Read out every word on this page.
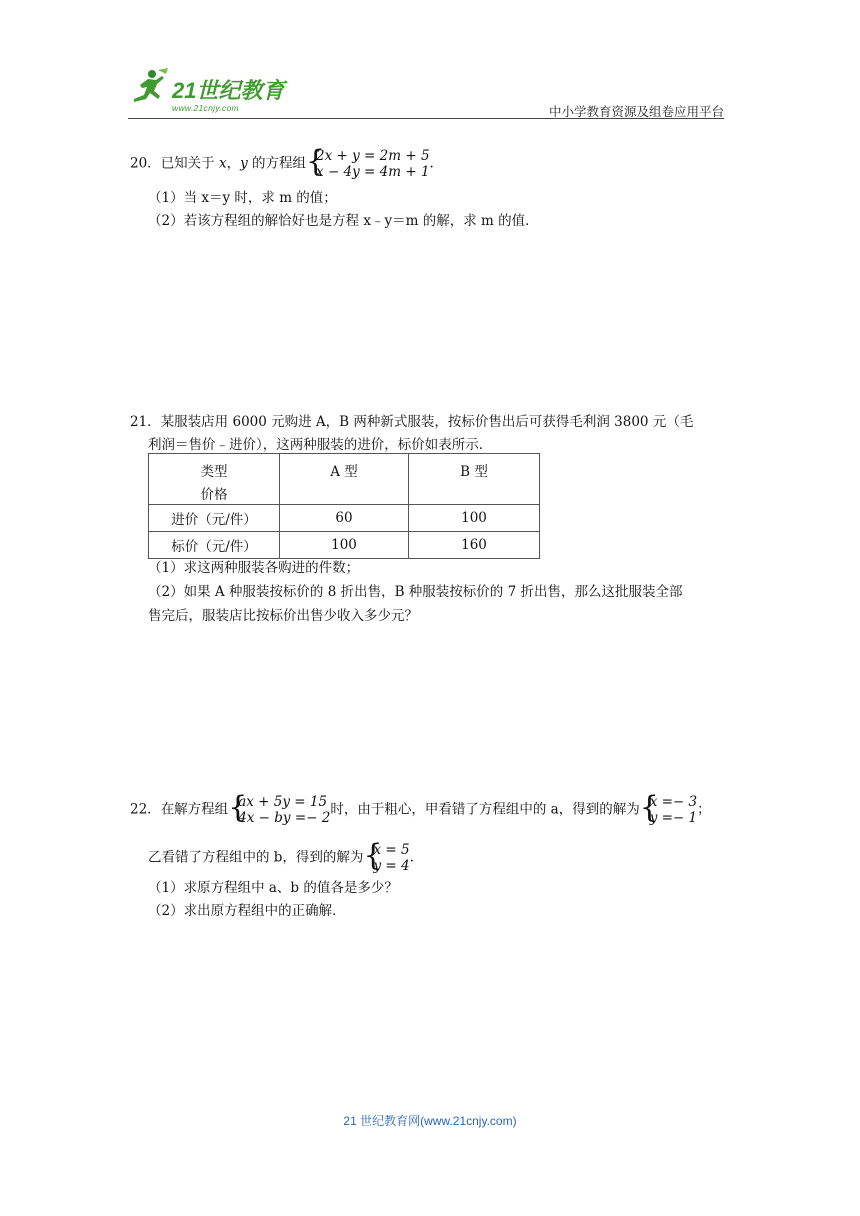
21世纪教育
www.21cnjy.com	中小学教育资源及组卷应用平台
20．已知关于 x，y 的方程组 {
2x + y = 2m + 5
x − 4y = 4m + 1
.
（1）当 x＝y 时，求 m 的值；
（2）若该方程组的解恰好也是方程 x﹣y＝m 的解，求 m 的值．
21．某服装店用 6000 元购进 A，B 两种新式服装，按标价售出后可获得毛利润 3800 元（毛
利润＝售价﹣进价），这两种服装的进价，标价如表所示．
类型
价格	A 型	B 型
进价（元/件）	60	100
标价（元/件）	100	160
（1）求这两种服装各购进的件数；
（2）如果 A 种服装按标价的 8 折出售，B 种服装按标价的 7 折出售，那么这批服装全部
售完后，服装店比按标价出售少收入多少元？
22．在解方程组 {
ax + 5y = 15
4x − by =− 2
时，由于粗心，甲看错了方程组中的 a，得到的解为 {
x =− 3
y =− 1
；
乙看错了方程组中的 b，得到的解为 {
x = 5
y = 4
.
（1）求原方程组中 a、b 的值各是多少？
（2）求出原方程组中的正确解．
21 世纪教育网(www.21cnjy.com)
